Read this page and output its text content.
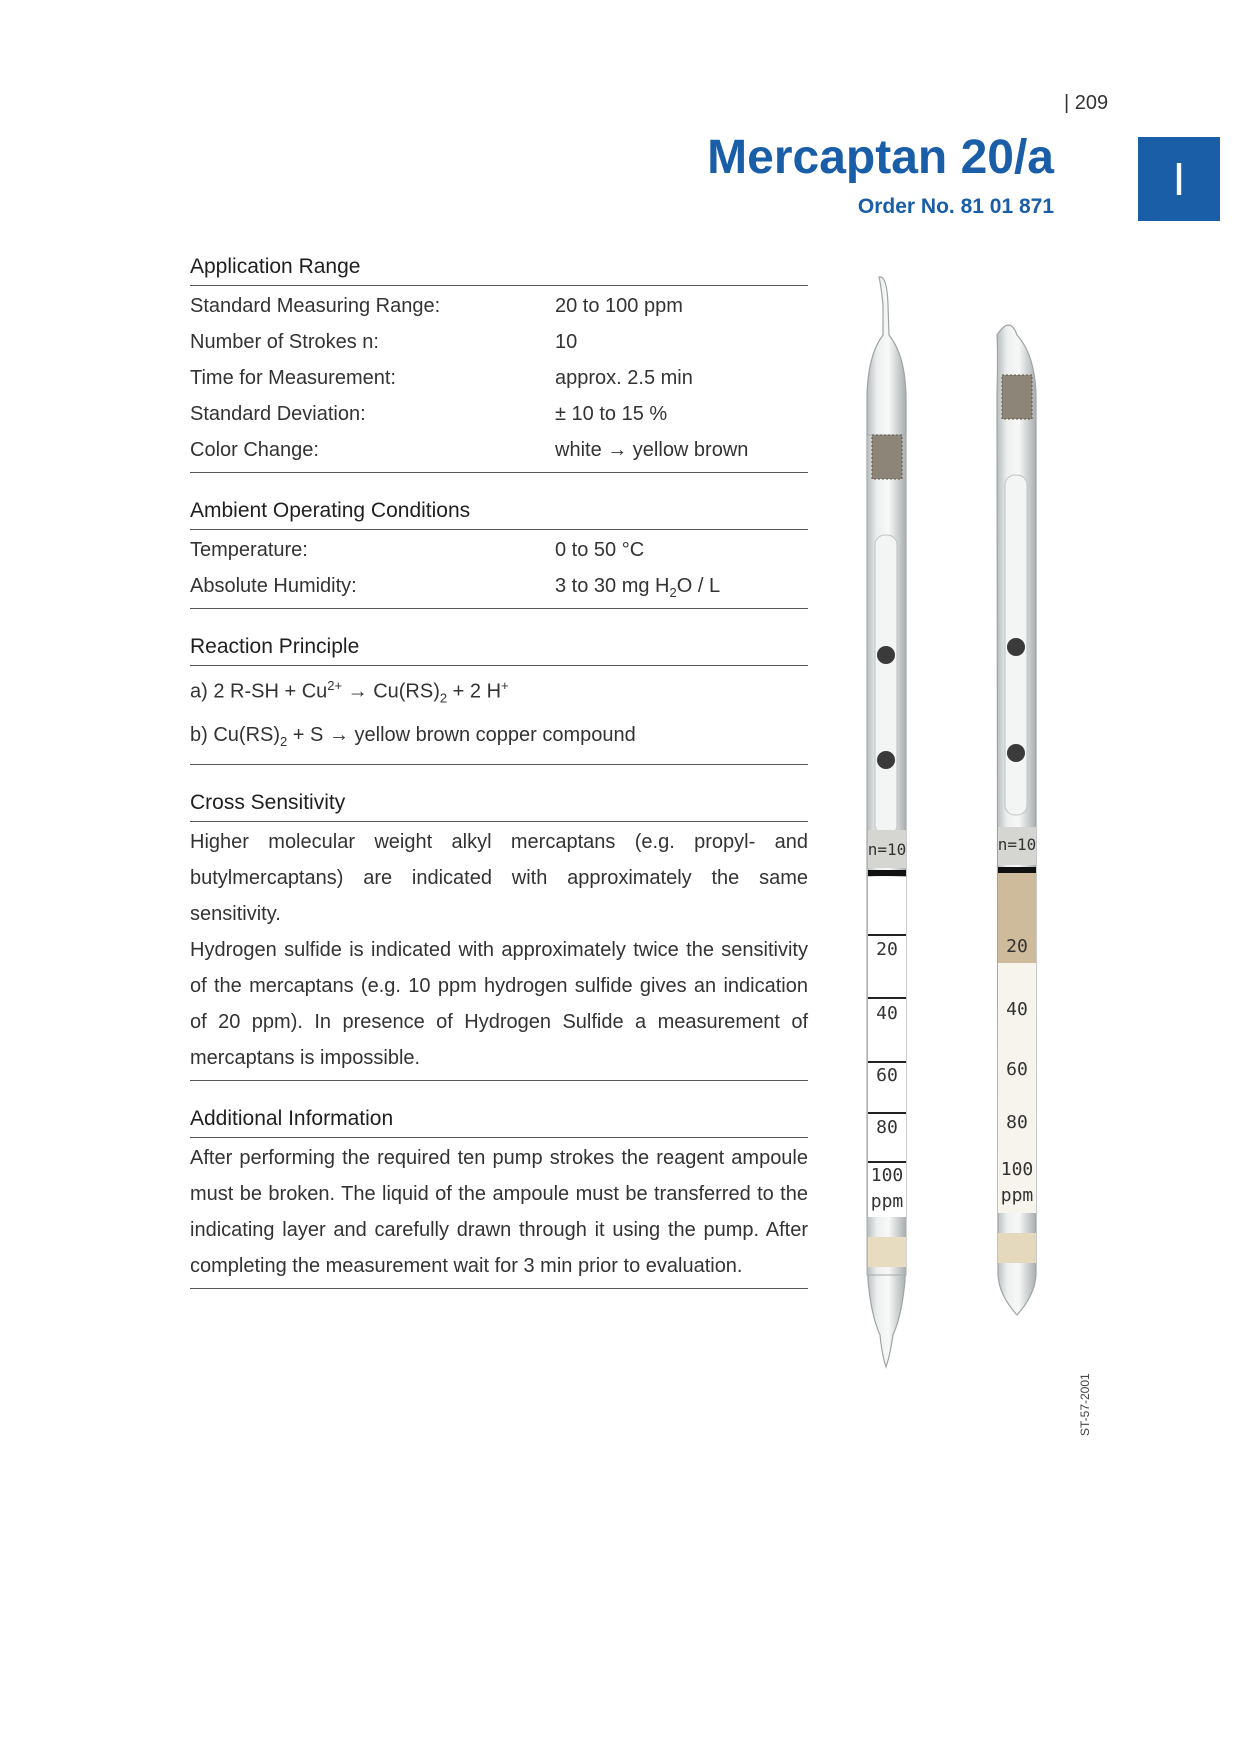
| 209
I
Mercaptan 20/a
Order No. 81 01 871
Application Range
Standard Measuring Range:	20 to 100 ppm
Number of Strokes n:	10
Time for Measurement:	approx. 2.5 min
Standard Deviation:	± 10 to 15 %
Color Change:	white → yellow brown
Ambient Operating Conditions
Temperature:	0 to 50 °C
Absolute Humidity:	3 to 30 mg $H_2O$ / L
Reaction Principle
a) 2 $R-SH + Cu^{2+} \to Cu(RS)_2 + 2$ H+
b) $Cu(RS)_2 + S$ → yellow brown copper compound
Cross Sensitivity

Higher molecular weight alkyl mercaptans (e.g. propyl- and butylmercaptans) are indicated with approximately the same sensitivity.

Hydrogen sulfide is indicated with approximately twice the sensitivity of the mercaptans (e.g. 10 ppm hydrogen sulfide gives an indication of 20 ppm). In presence of Hydrogen Sulfide a measurement of mercaptans is impossible.

Additional Information

After performing the required ten pump strokes the reagent ampoule must be broken. The liquid of the ampoule must be transferred to the indicating layer and carefully drawn through it using the pump. After completing the measurement wait for 3 min prior to evaluation.

n=10
20
40
60
80
100
ppm
n=10
20
40
60
80
100
ppm
ST-57-2001
